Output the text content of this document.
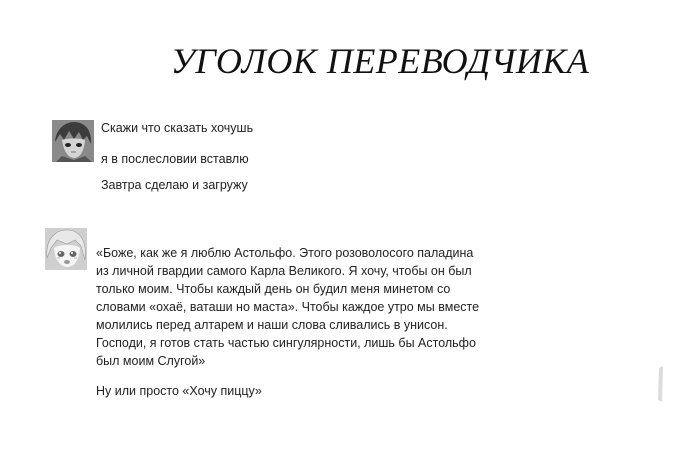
УГОЛОК ПЕРЕВОДЧИКА
Скажи что сказать хочушь
я в послесловии вставлю
Завтра сделаю и загружу
«Боже, как же я люблю Астольфо. Этого розоволосого паладина из личной гвардии самого Карла Великого. Я хочу, чтобы он был только моим. Чтобы каждый день он будил меня минетом со словами «охаё, ваташи но маста». Чтобы каждое утро мы вместе молились перед алтарем и наши слова сливались в унисон. Господи, я готов стать частью сингулярности, лишь бы Астольфо был моим Слугой»
Ну или просто «Хочу пиццу»
